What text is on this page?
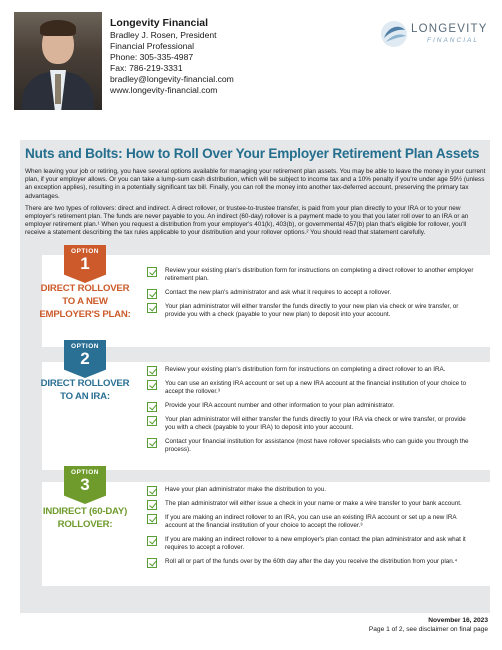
Longevity Financial
Bradley J. Rosen, President
Financial Professional
Phone: 305-335-4987
Fax: 786-219-3331
bradley@longevity-financial.com
www.longevity-financial.com
LONGEVITY
FINANCIAL
Nuts and Bolts: How to Roll Over Your Employer Retirement Plan Assets

When leaving your job or retiring, you have several options available for managing your retirement plan assets. You may be able to leave the money in your current plan, if your employer allows. Or you can take a lump-sum cash distribution, which will be subject to income tax and a 10% penalty if you're under age 59½ (unless an exception applies), resulting in a potentially significant tax bill. Finally, you can roll the money into another tax-deferred account, preserving the primary tax advantages.

There are two types of rollovers: direct and indirect. A direct rollover, or trustee-to-trustee transfer, is paid from your plan directly to your IRA or to your new employer's retirement plan. The funds are never payable to you. An indirect (60-day) rollover is a payment made to you that you later roll over to an IRA or an employer retirement plan.¹ When you request a distribution from your employer's 401(k), 403(b), or governmental 457(b) plan that's eligible for rollover, you'll receive a statement describing the tax rules applicable to your distribution and your rollover options.² You should read that statement carefully.

OPTION
1
DIRECT ROLLOVER
TO A NEW
EMPLOYER'S PLAN:
Review your existing plan's distribution form for instructions on completing a direct rollover to another employer retirement plan.
Contact the new plan's administrator and ask what it requires to accept a rollover.
Your plan administrator will either transfer the funds directly to your new plan via check or wire transfer, or provide you with a check (payable to your new plan) to deposit into your account.
OPTION
2
DIRECT ROLLOVER
TO AN IRA:
Review your existing plan's distribution form for instructions on completing a direct rollover to an IRA.
You can use an existing IRA account or set up a new IRA account at the financial institution of your choice to accept the rollover.³
Provide your IRA account number and other information to your plan administrator.
Your plan administrator will either transfer the funds directly to your IRA via check or wire transfer, or provide you with a check (payable to your IRA) to deposit into your account.
Contact your financial institution for assistance (most have rollover specialists who can guide you through the process).
OPTION
3
INDIRECT (60-DAY)
ROLLOVER:
Have your plan administrator make the distribution to you.
The plan administrator will either issue a check in your name or make a wire transfer to your bank account.
If you are making an indirect rollover to an IRA, you can use an existing IRA account or set up a new IRA account at the financial institution of your choice to accept the rollover.³
If you are making an indirect rollover to a new employer's plan contact the plan administrator and ask what it requires to accept a rollover.
Roll all or part of the funds over by the 60th day after the day you receive the distribution from your plan.⁴
November 16, 2023
Page 1 of 2, see disclaimer on final page
